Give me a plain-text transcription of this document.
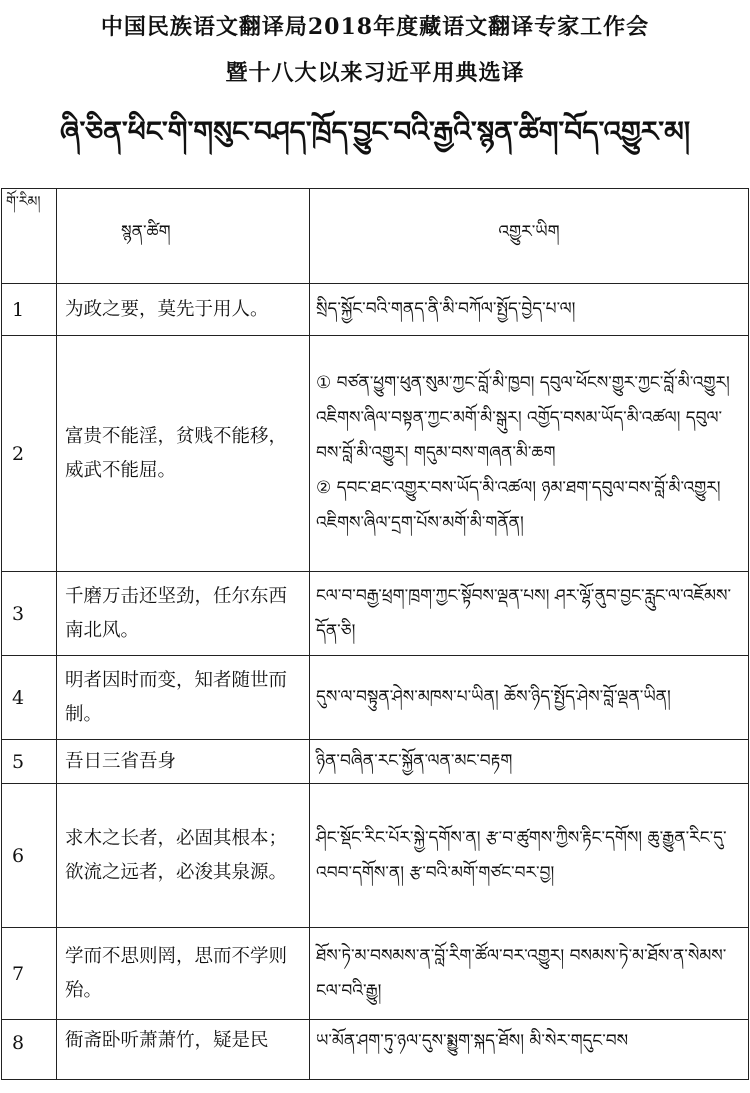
中国民族语文翻译局2018年度藏语文翻译专家工作会
暨十八大以来习近平用典选译
ཞི་ཅིན་ཕིང་གི་གསུང་བཤད་ཁྲོད་བྱུང་བའི་རྒྱའི་སྙན་ཚིག་བོད་འགྱུར་མ།
གོ་རིམ།	སྙན་ཚིག	འགྱུར་ཡིག
1	为政之要，莫先于用人。	སྲིད་སྐྱོང་བའི་གནད་ནི་མི་བཀོལ་སྤྱོད་བྱེད་པ་ལ།

2	富贵不能淫，贫贱不能移，威武不能屈。	① བཙན་ཕྱུག་ཕུན་སུམ་ཀྱང་བློ་མི་ཁྱབ། དབུལ་ཕོངས་གྱུར་ཀྱང་བློ་མི་འགྱུར། འཇིགས་ཞིལ་བསྟན་ཀྱང་མགོ་མི་སྒུར། འགྱོད་བསམ་ཡོད་མི་འཚལ། དབུལ་བས་བློ་མི་འགྱུར། གདུམ་བས་གཞན་མི་ཆག

② དབང་ཐང་འགྱུར་བས་ཡོད་མི་འཚལ། ཉམ་ཐག་དབུལ་བས་བློ་མི་འགྱུར། འཇིགས་ཞིལ་དྲག་པོས་མགོ་མི་གནོན།

3	千磨万击还坚劲，任尔东西南北风。	ངལ་བ་བརྒྱ་ཕྲག་ཁྲག་ཀྱང་སྟོབས་ལྡན་པས། ཤར་ལྷོ་ནུབ་བྱང་རླུང་ལ་འཇོམས་དོན་ཅི།

4	明者因时而变，知者随世而制。	དུས་ལ་བསྟུན་ཤེས་མཁས་པ་ཡིན། ཆོས་ཉིད་སྤྱོད་ཤེས་བློ་ལྡན་ཡིན།

5	吾日三省吾身	ཉིན་བཞིན་རང་སྐྱོན་ལན་མང་བརྟག

6	求木之长者，必固其根本；欲流之远者，必浚其泉源。	ཤིང་སྡོང་རིང་པོར་སྐྱེ་དགོས་ན། རྩ་བ་ཚུགས་ཀྱིས་རྟིང་དགོས། ཆུ་རྒྱུན་རིང་དུ་འབབ་དགོས་ན། རྩ་བའི་མགོ་གཙང་བར་བྱ།

7	学而不思则罔，思而不学则殆。	ཐོས་ཏེ་མ་བསམས་ན་བློ་རིག་ཚོལ་བར་འགྱུར། བསམས་ཏེ་མ་ཐོས་ན་སེམས་ངལ་བའི་རྒྱུ།

8	衙斋卧听萧萧竹，疑是民	ཡ་མོན་ཤག་ཏུ་ཉལ་དུས་སྨྱུག་སྐད་ཐོས། མི་སེར་གདུང་བས
